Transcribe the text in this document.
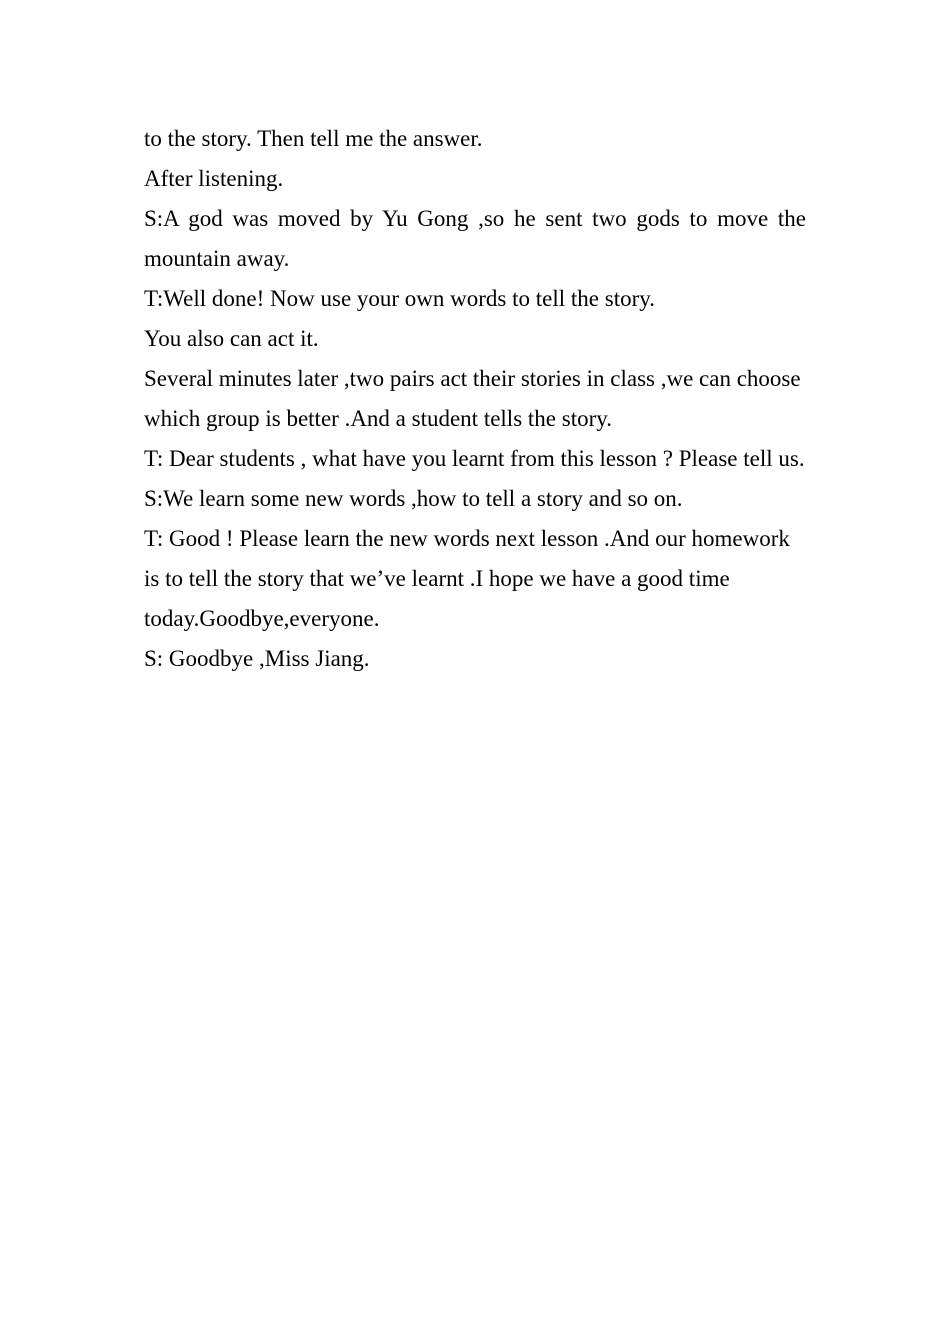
to the story. Then tell me the answer.

After listening.

S:A god was moved by Yu Gong ,so he sent two gods to move the mountain away.

T:Well done! Now use your own words to tell the story.

You also can act it.

Several minutes later ,two pairs act their stories in class ,we can choose which group is better .And a student tells the story.

T: Dear students , what have you learnt from this lesson ? Please tell us.

S:We learn some new words ,how to tell a story and so on.

T: Good ! Please learn the new words next lesson .And our homework is to tell the story that we’ve learnt .I hope we have a good time today.Goodbye,everyone.

S: Goodbye ,Miss Jiang.
